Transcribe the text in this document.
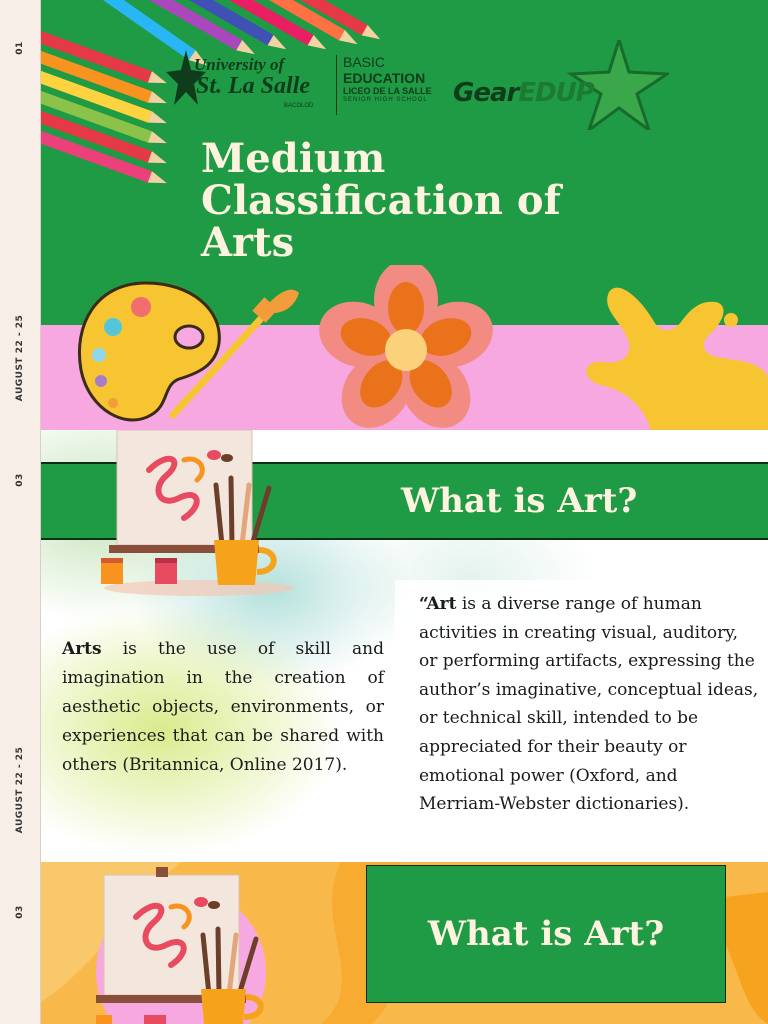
01
AUGUST 22 - 25
03
AUGUST 22 - 25
03
University of
St. La Salle
BACOLOD
BASIC
EDUCATION
LICEO DE LA SALLE
SENIOR HIGH SCHOOL GearEDUP
Medium Classification of Arts
What is Art?

Arts is the use of skill and imagination in the creation of aesthetic objects, environments, or experiences that can be shared with others (Britannica, Online 2017).

“Art is a diverse range of human activities in creating visual, auditory, or performing artifacts, expressing the author’s imaginative, conceptual ideas, or technical skill, intended to be appreciated for their beauty or emotional power (Oxford, and Merriam-Webster dictionaries).

What is Art?
